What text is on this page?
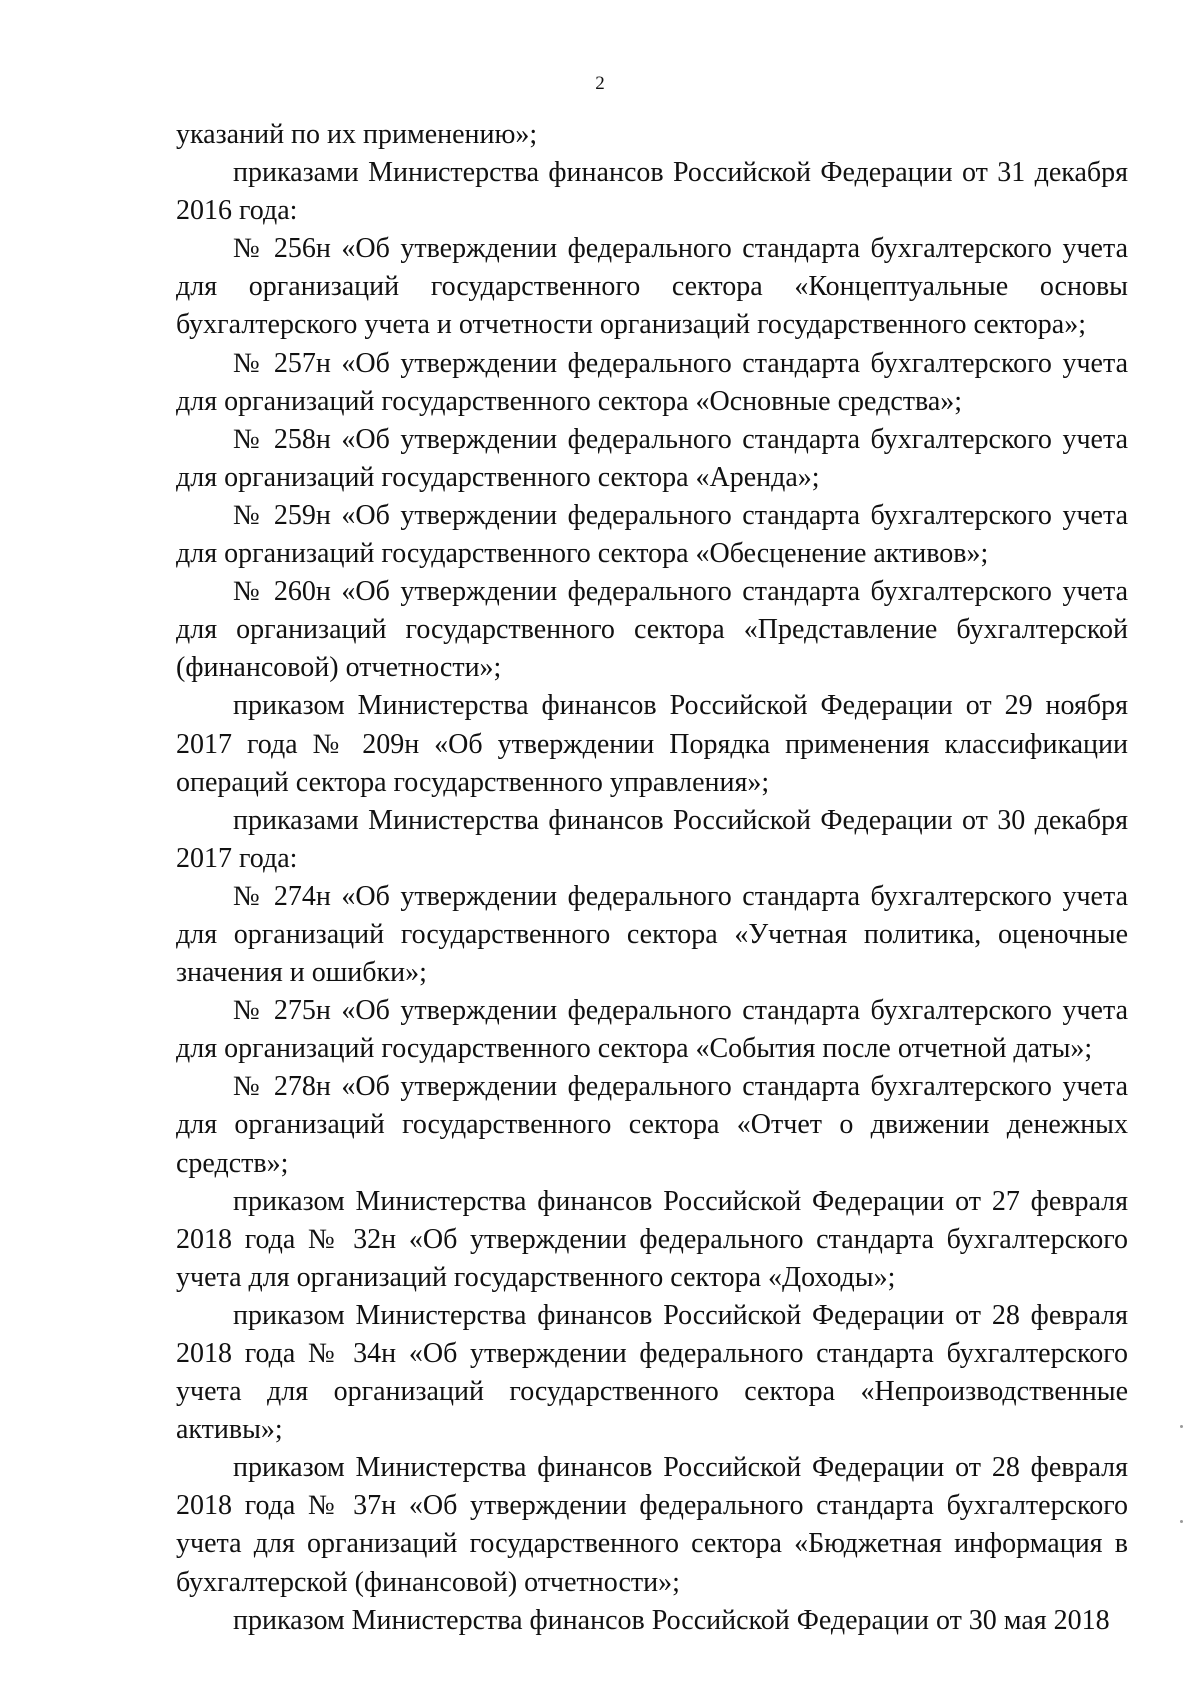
2

указаний по их применению»;

приказами Министерства финансов Российской Федерации от 31 декабря 2016 года:

№ 256н «Об утверждении федерального стандарта бухгалтерского учета для организаций государственного сектора «Концептуальные основы бухгалтерского учета и отчетности организаций государственного сектора»;

№ 257н «Об утверждении федерального стандарта бухгалтерского учета для организаций государственного сектора «Основные средства»;

№ 258н «Об утверждении федерального стандарта бухгалтерского учета для организаций государственного сектора «Аренда»;

№ 259н «Об утверждении федерального стандарта бухгалтерского учета для организаций государственного сектора «Обесценение активов»;

№ 260н «Об утверждении федерального стандарта бухгалтерского учета для организаций государственного сектора «Представление бухгалтерской (финансовой) отчетности»;

приказом Министерства финансов Российской Федерации от 29 ноября 2017 года № 209н «Об утверждении Порядка применения классификации операций сектора государственного управления»;

приказами Министерства финансов Российской Федерации от 30 декабря 2017 года:

№ 274н «Об утверждении федерального стандарта бухгалтерского учета для организаций государственного сектора «Учетная политика, оценочные значения и ошибки»;

№ 275н «Об утверждении федерального стандарта бухгалтерского учета для организаций государственного сектора «События после отчетной даты»;

№ 278н «Об утверждении федерального стандарта бухгалтерского учета для организаций государственного сектора «Отчет о движении денежных средств»;

приказом Министерства финансов Российской Федерации от 27 февраля 2018 года № 32н «Об утверждении федерального стандарта бухгалтерского учета для организаций государственного сектора «Доходы»;

приказом Министерства финансов Российской Федерации от 28 февраля 2018 года № 34н «Об утверждении федерального стандарта бухгалтерского учета для организаций государственного сектора «Непроизводственные активы»;

приказом Министерства финансов Российской Федерации от 28 февраля 2018 года № 37н «Об утверждении федерального стандарта бухгалтерского учета для организаций государственного сектора «Бюджетная информация в бухгалтерской (финансовой) отчетности»;

приказом Министерства финансов Российской Федерации от 30 мая 2018
